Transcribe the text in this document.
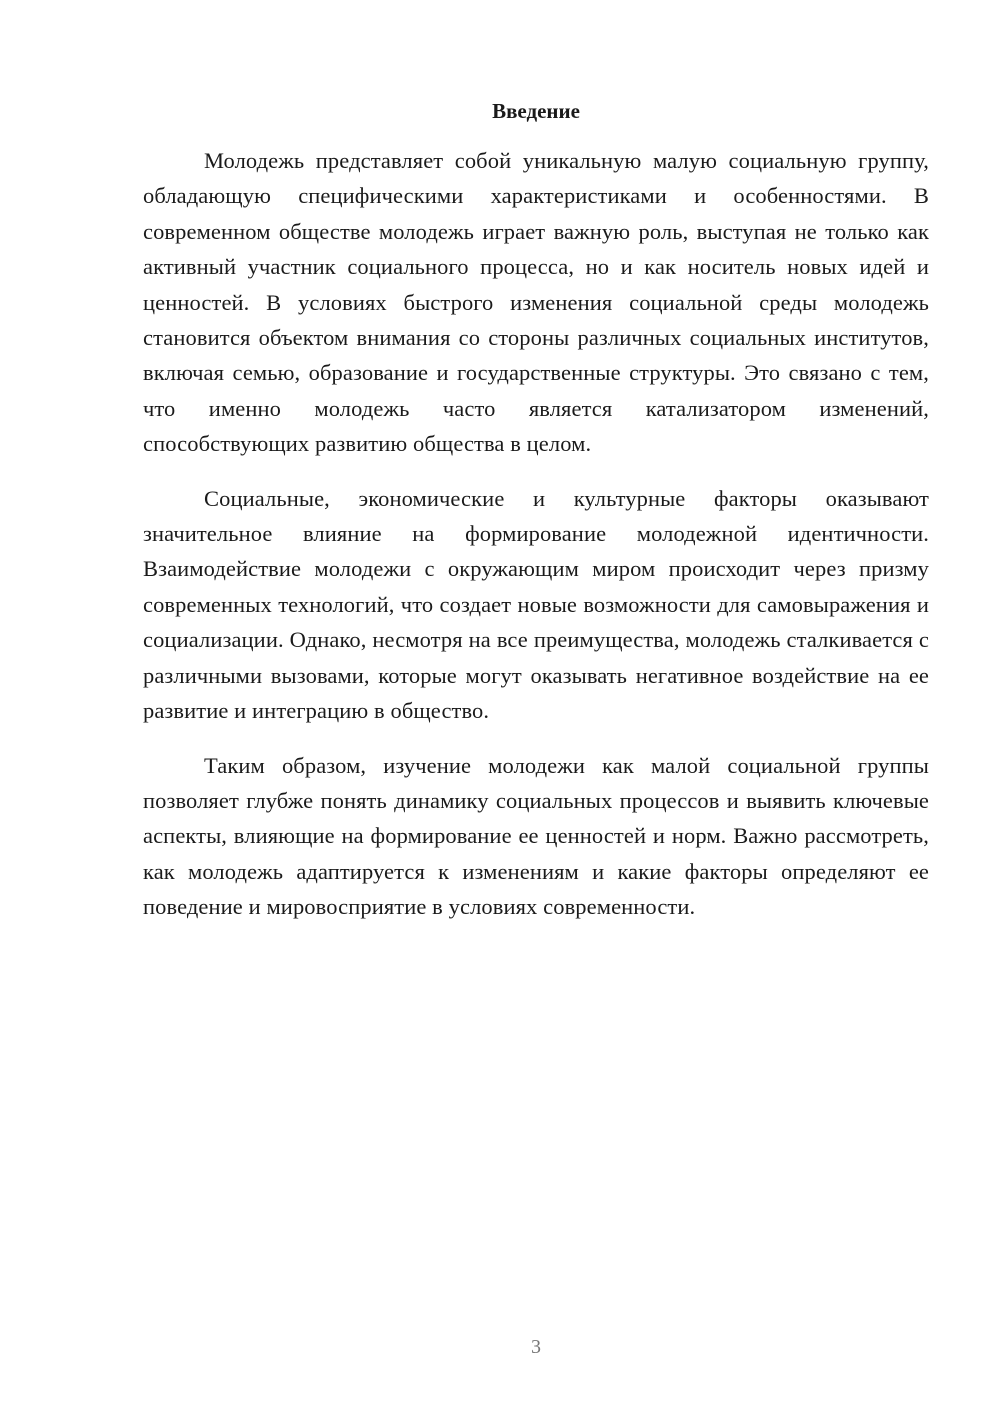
Введение

Молодежь представляет собой уникальную малую социальную группу, обладающую специфическими характеристиками и особенностями. В современном обществе молодежь играет важную роль, выступая не только как активный участник социального процесса, но и как носитель новых идей и ценностей. В условиях быстрого изменения социальной среды молодежь становится объектом внимания со стороны различных социальных институтов, включая семью, образование и государственные структуры. Это связано с тем, что именно молодежь часто является катализатором изменений, способствующих развитию общества в целом.

Социальные, экономические и культурные факторы оказывают значительное влияние на формирование молодежной идентичности. Взаимодействие молодежи с окружающим миром происходит через призму современных технологий, что создает новые возможности для самовыражения и социализации. Однако, несмотря на все преимущества, молодежь сталкивается с различными вызовами, которые могут оказывать негативное воздействие на ее развитие и интеграцию в общество.

Таким образом, изучение молодежи как малой социальной группы позволяет глубже понять динамику социальных процессов и выявить ключевые аспекты, влияющие на формирование ее ценностей и норм. Важно рассмотреть, как молодежь адаптируется к изменениям и какие факторы определяют ее поведение и мировосприятие в условиях современности.

3
